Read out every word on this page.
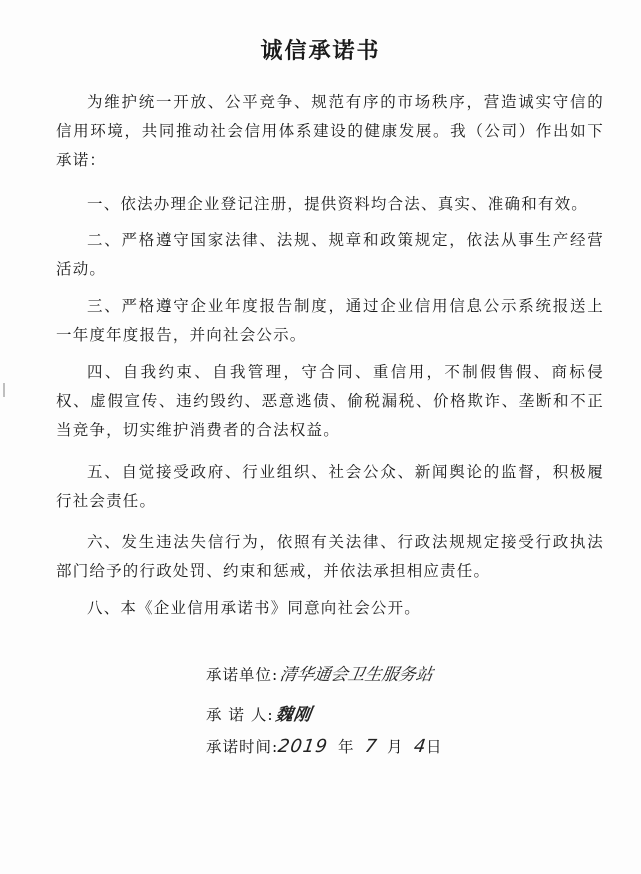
诚信承诺书

为维护统一开放、公平竞争、规范有序的市场秩序，营造诚实守信的信用环境，共同推动社会信用体系建设的健康发展。我（公司）作出如下承诺：

一、依法办理企业登记注册，提供资料均合法、真实、准确和有效。

二、严格遵守国家法律、法规、规章和政策规定，依法从事生产经营活动。

三、严格遵守企业年度报告制度，通过企业信用信息公示系统报送上一年度年度报告，并向社会公示。

四、自我约束、自我管理，守合同、重信用，不制假售假、商标侵权、虚假宣传、违约毁约、恶意逃债、偷税漏税、价格欺诈、垄断和不正当竞争，切实维护消费者的合法权益。

五、自觉接受政府、行业组织、社会公众、新闻舆论的监督，积极履行社会责任。

六、发生违法失信行为，依照有关法律、行政法规规定接受行政执法部门给予的行政处罚、约束和惩戒，并依法承担相应责任。

八、本《企业信用承诺书》同意向社会公开。

承诺单位:清华通会卫生服务站
承 诺 人:魏刚
承诺时间:2019 年 7 月 4日
